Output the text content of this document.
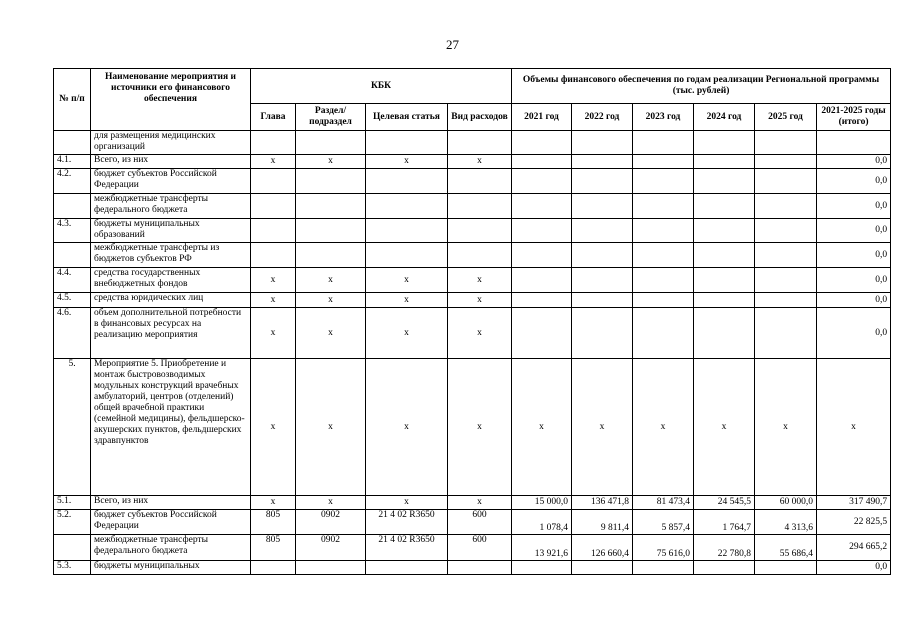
27
№ п/п	Наименование мероприятия и источники его финансового обеспечения	КБК				Объемы финансового обеспечения по годам реализации Региональной программы (тыс. рублей)					
		Глава	Раздел/ подраздел	Целевая статья	Вид расходов	2021 год	2022 год	2023 год	2024 год	2025 год	2021-2025 годы (итого)
	для размещения медицинских организаций										
4.1.	Всего, из них	x	x	x	x						0,0
4.2.	бюджет субъектов Российской Федерации										0,0
	межбюджетные трансферты федерального бюджета										0,0
4.3.	бюджеты муниципальных образований										0,0
	межбюджетные трансферты из бюджетов субъектов РФ										0,0
4.4.	средства государственных внебюджетных фондов	x	x	x	x						0,0
4.5.	средства юридических лиц	x	x	x	x						0,0
4.6.	объем дополнительной потребности в финансовых ресурсах на реализацию мероприятия	x	x	x	x						0,0
5.	Мероприятие 5. Приобретение и монтаж быстровозводимых модульных конструкций врачебных амбулаторий, центров (отделений) общей врачебной практики (семейной медицины), фельдшерско-акушерских пунктов, фельдшерских здравпунктов	x	x	x	x	x	x	x	x	x	x
5.1.	Всего, из них	x	x	x	x	15 000,0	136 471,8	81 473,4	24 545,5	60 000,0	317 490,7
5.2.	бюджет субъектов Российской Федерации	805	0902	21 4 02 R3650	600	1 078,4	9 811,4	5 857,4	1 764,7	4 313,6	22 825,5
	межбюджетные трансферты федерального бюджета	805	0902	21 4 02 R3650	600	13 921,6	126 660,4	75 616,0	22 780,8	55 686,4	294 665,2
5.3.	бюджеты муниципальных										0,0
